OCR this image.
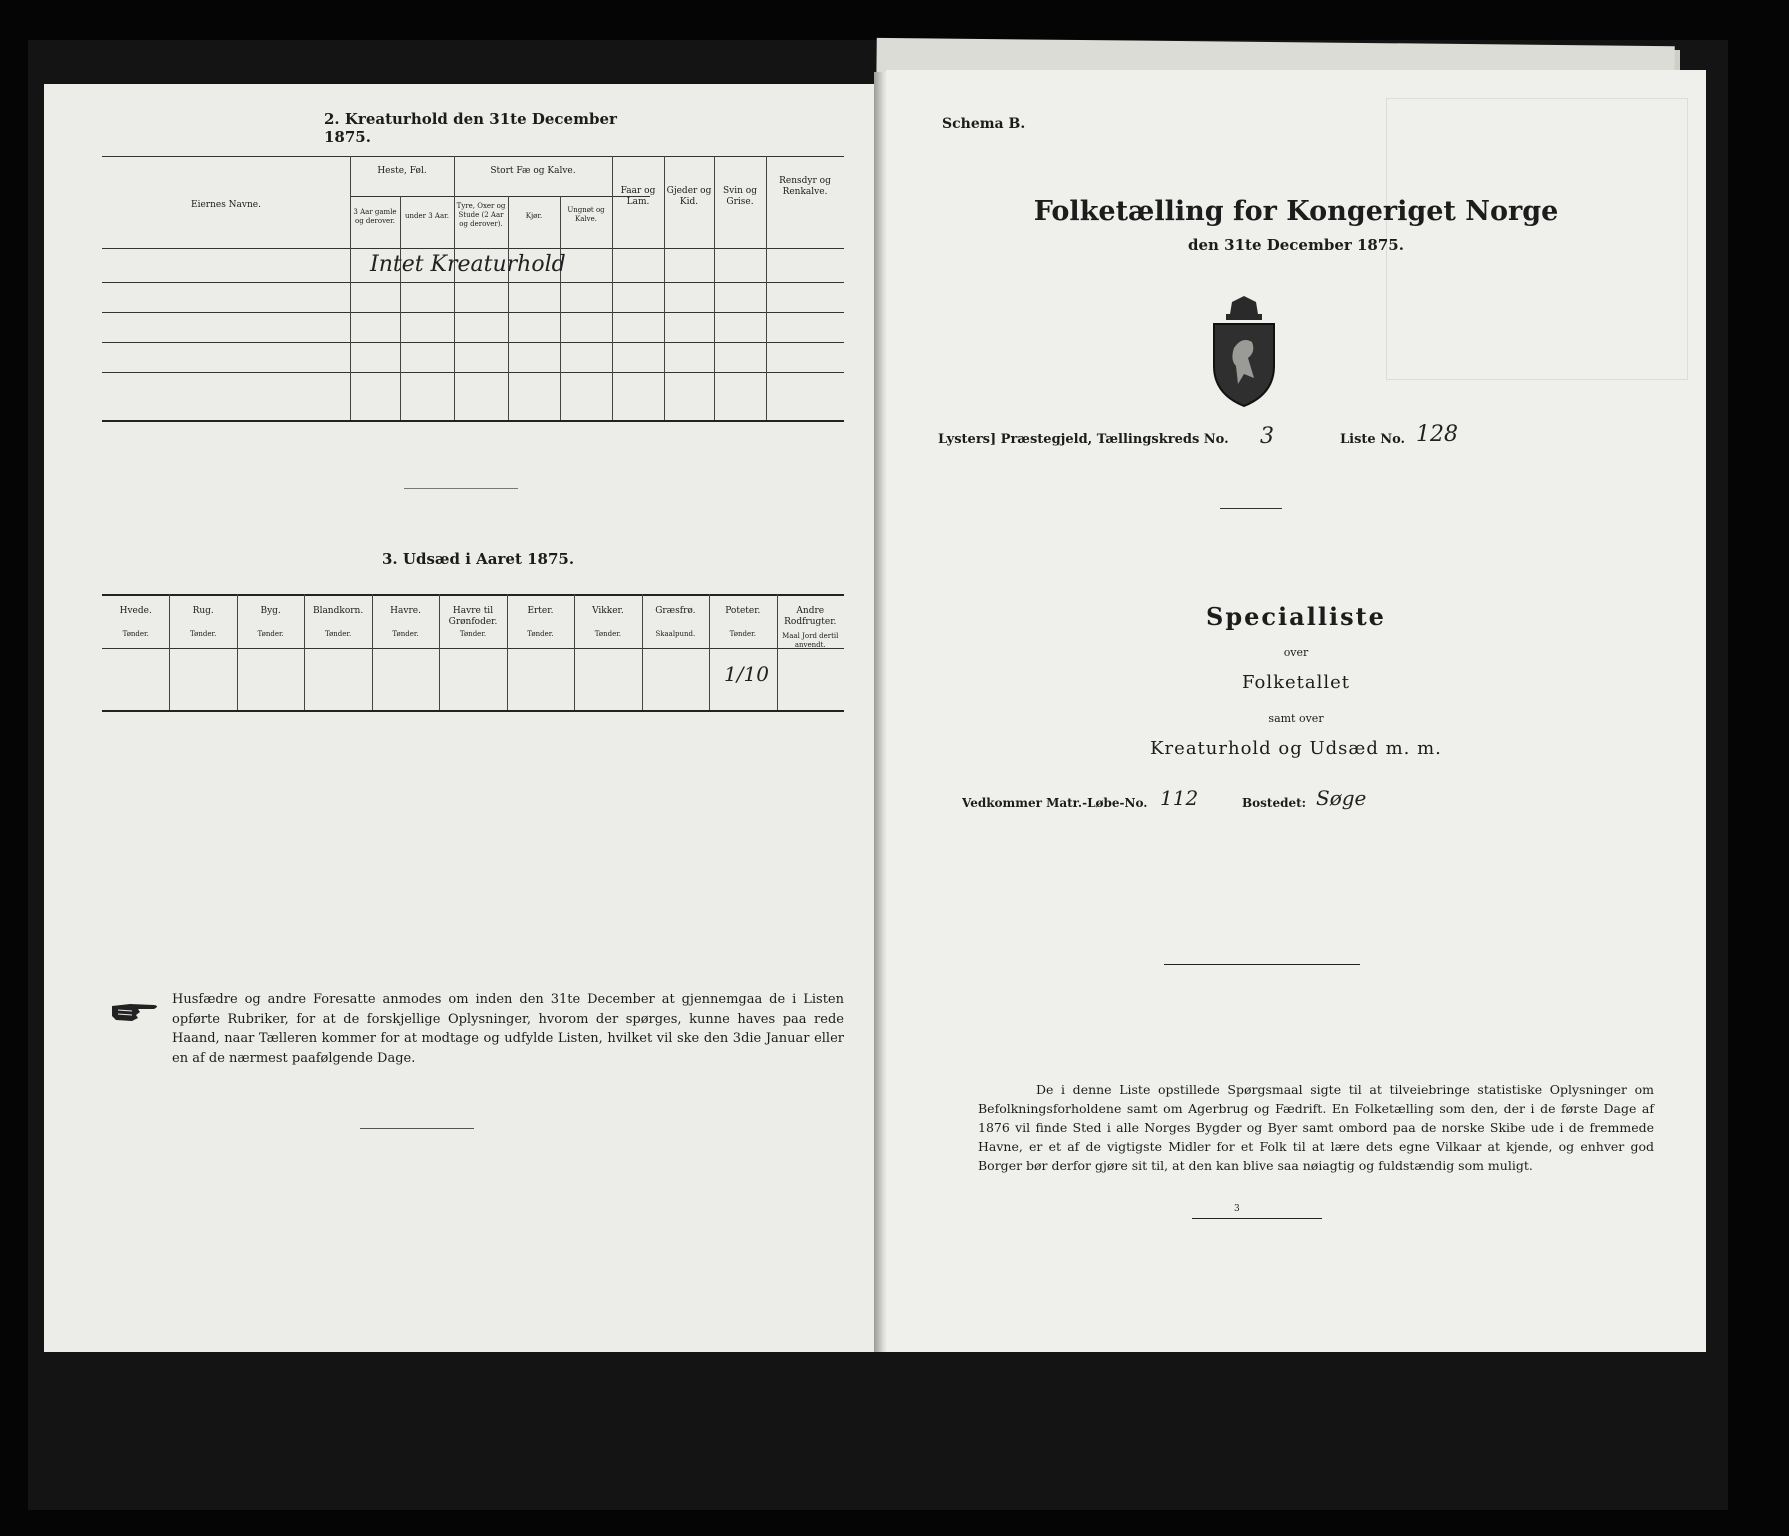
2. Kreaturhold den 31te December 1875.
Eiernes Navne.
Heste, Føl.
3 Aar gamle og derover.
under 3 Aar.
Stort Fæ og Kalve.
Tyre, Oxer og Stude (2 Aar og derover).
Kjør.
Ungnøt og Kalve.
Faar og Lam.
Gjeder og Kid.
Svin og Grise.
Rensdyr og Renkalve.
Intet Kreaturhold
3. Udsæd i Aaret 1875.
Hvede.
Tønder.
Rug.
Tønder.
Byg.
Tønder.
Blandkorn.
Tønder.
Havre.
Tønder.
Havre til Grønfoder.
Tønder.
Erter.
Tønder.
Vikker.
Tønder.
Græsfrø.
Skaalpund.
Poteter.
Tønder.
Andre Rodfrugter.
Maal Jord dertil anvendt.
1/10
Husfædre og andre Foresatte anmodes om inden den 31te December at gjennemgaa de i Listen opførte Rubriker, for at de forskjellige Oplysninger, hvorom der spørges, kunne haves paa rede Haand, naar Tælleren kommer for at modtage og udfylde Listen, hvilket vil ske den 3die Januar eller en af de nærmest paafølgende Dage.
Schema B.
Folketælling for Kongeriget Norge
den 31te December 1875.
Lysters] Præstegjeld, Tællingskreds No. 3	Liste No. 128
Specialliste
over
Folketallet
samt over
Kreaturhold og Udsæd m. m.
Vedkommer Matr.-Løbe-No. 112	Bostedet: Søge
De i denne Liste opstillede Spørgsmaal sigte til at tilveiebringe statistiske Oplysninger om Befolkningsforholdene samt om Agerbrug og Fædrift. En Folketælling som den, der i de første Dage af 1876 vil finde Sted i alle Norges Bygder og Byer samt ombord paa de norske Skibe ude i de fremmede Havne, er et af de vigtigste Midler for et Folk til at lære dets egne Vilkaar at kjende, og enhver god Borger bør derfor gjøre sit til, at den kan blive saa nøiagtig og fuldstændig som muligt.
3
